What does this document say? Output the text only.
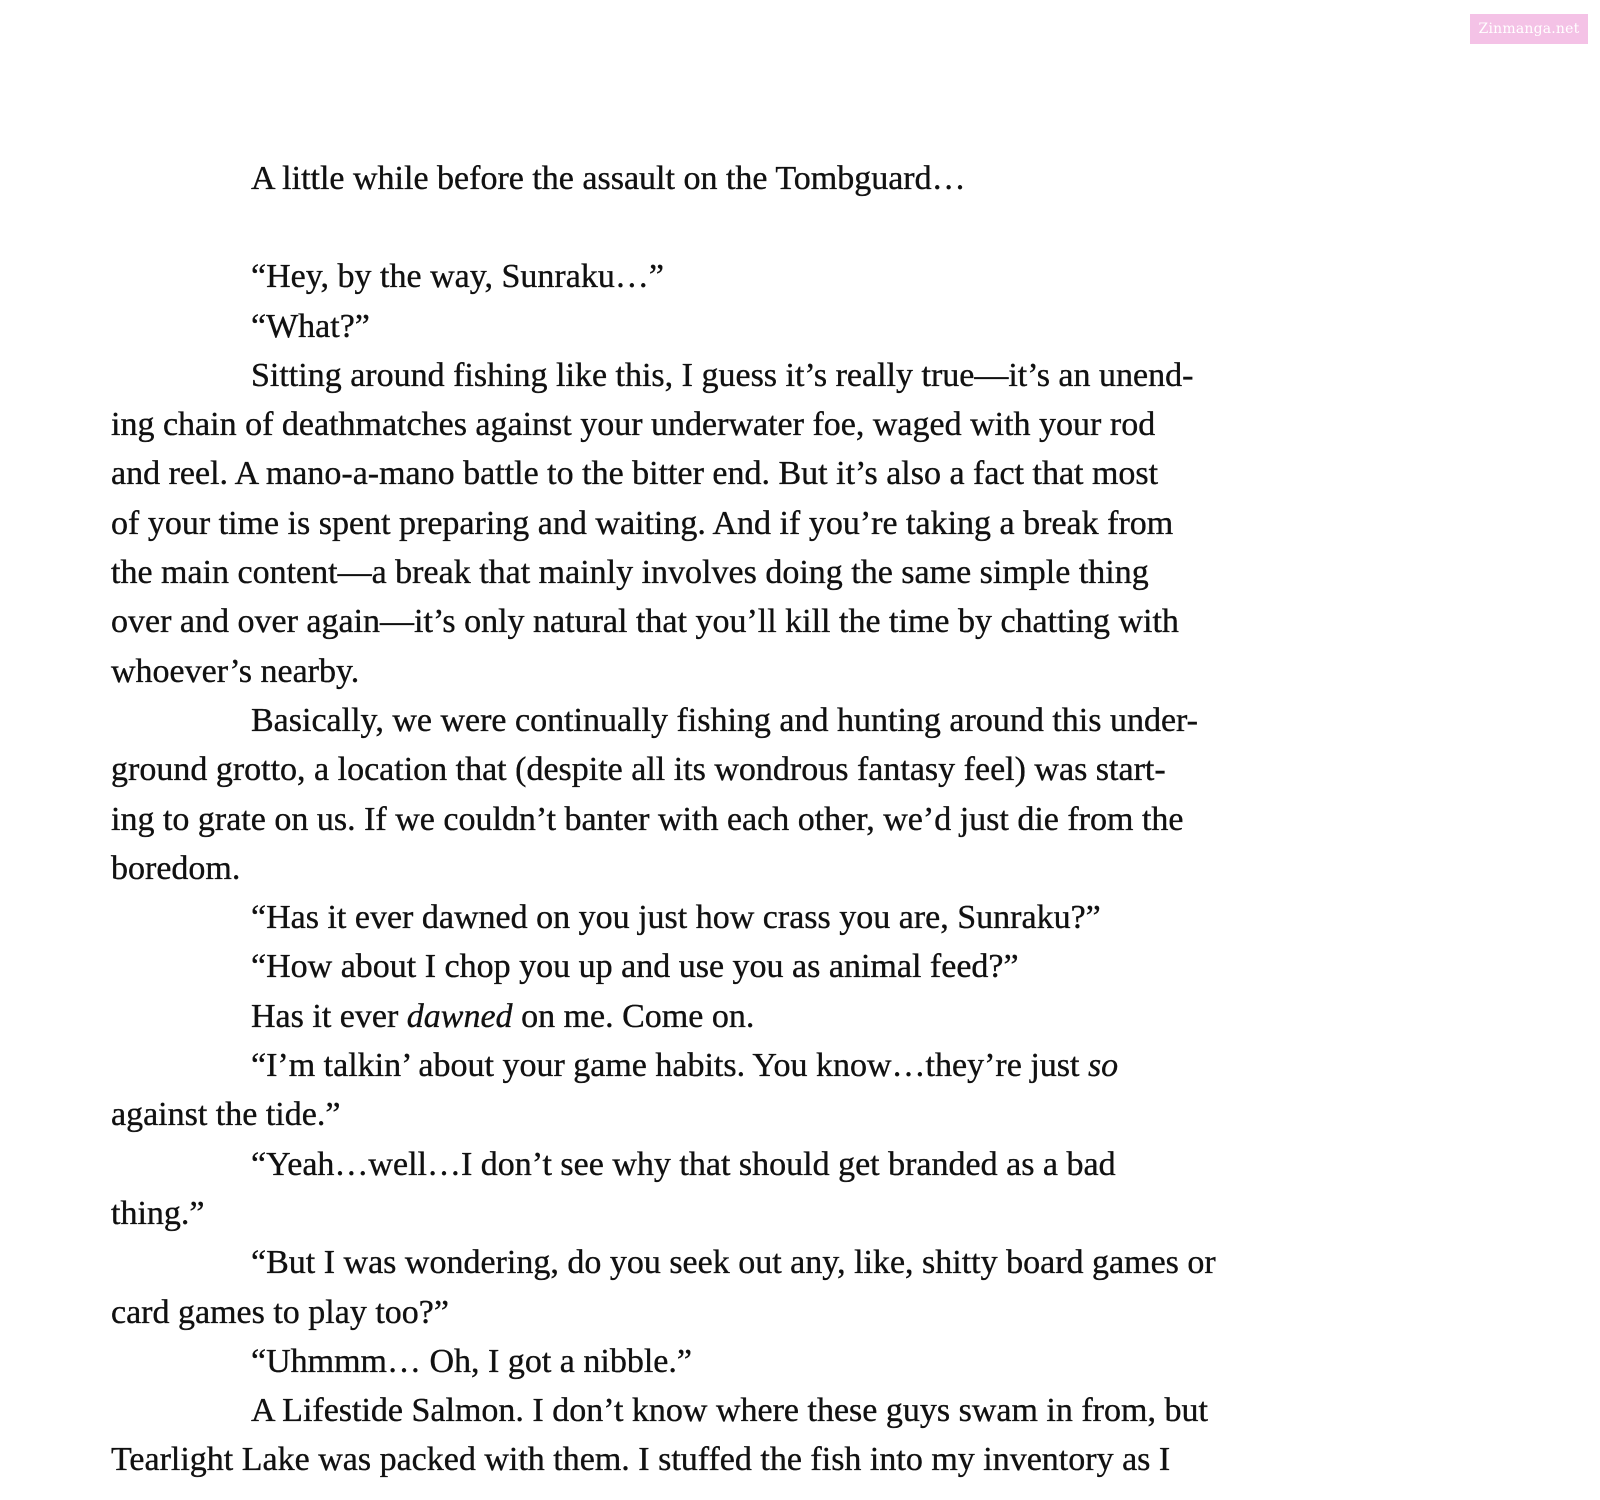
Zinmanga.net
A little while before the assault on the Tombguard…
“Hey, by the way, Sunraku…”
“What?”
Sitting around fishing like this, I guess it’s really true—it’s an unend-
ing chain of deathmatches against your underwater foe, waged with your rod
and reel. A mano-a-mano battle to the bitter end. But it’s also a fact that most
of your time is spent preparing and waiting. And if you’re taking a break from
the main content—a break that mainly involves doing the same simple thing
over and over again—it’s only natural that you’ll kill the time by chatting with
whoever’s nearby.
Basically, we were continually fishing and hunting around this under-
ground grotto, a location that (despite all its wondrous fantasy feel) was start-
ing to grate on us. If we couldn’t banter with each other, we’d just die from the
boredom.
“Has it ever dawned on you just how crass you are, Sunraku?”
“How about I chop you up and use you as animal feed?”
Has it ever dawned on me. Come on.
“I’m talkin’ about your game habits. You know…they’re just so
against the tide.”
“Yeah…well…I don’t see why that should get branded as a bad
thing.”
“But I was wondering, do you seek out any, like, shitty board games or
card games to play too?”
“Uhmmm… Oh, I got a nibble.”
A Lifestide Salmon. I don’t know where these guys swam in from, but
Tearlight Lake was packed with them. I stuffed the fish into my inventory as I
